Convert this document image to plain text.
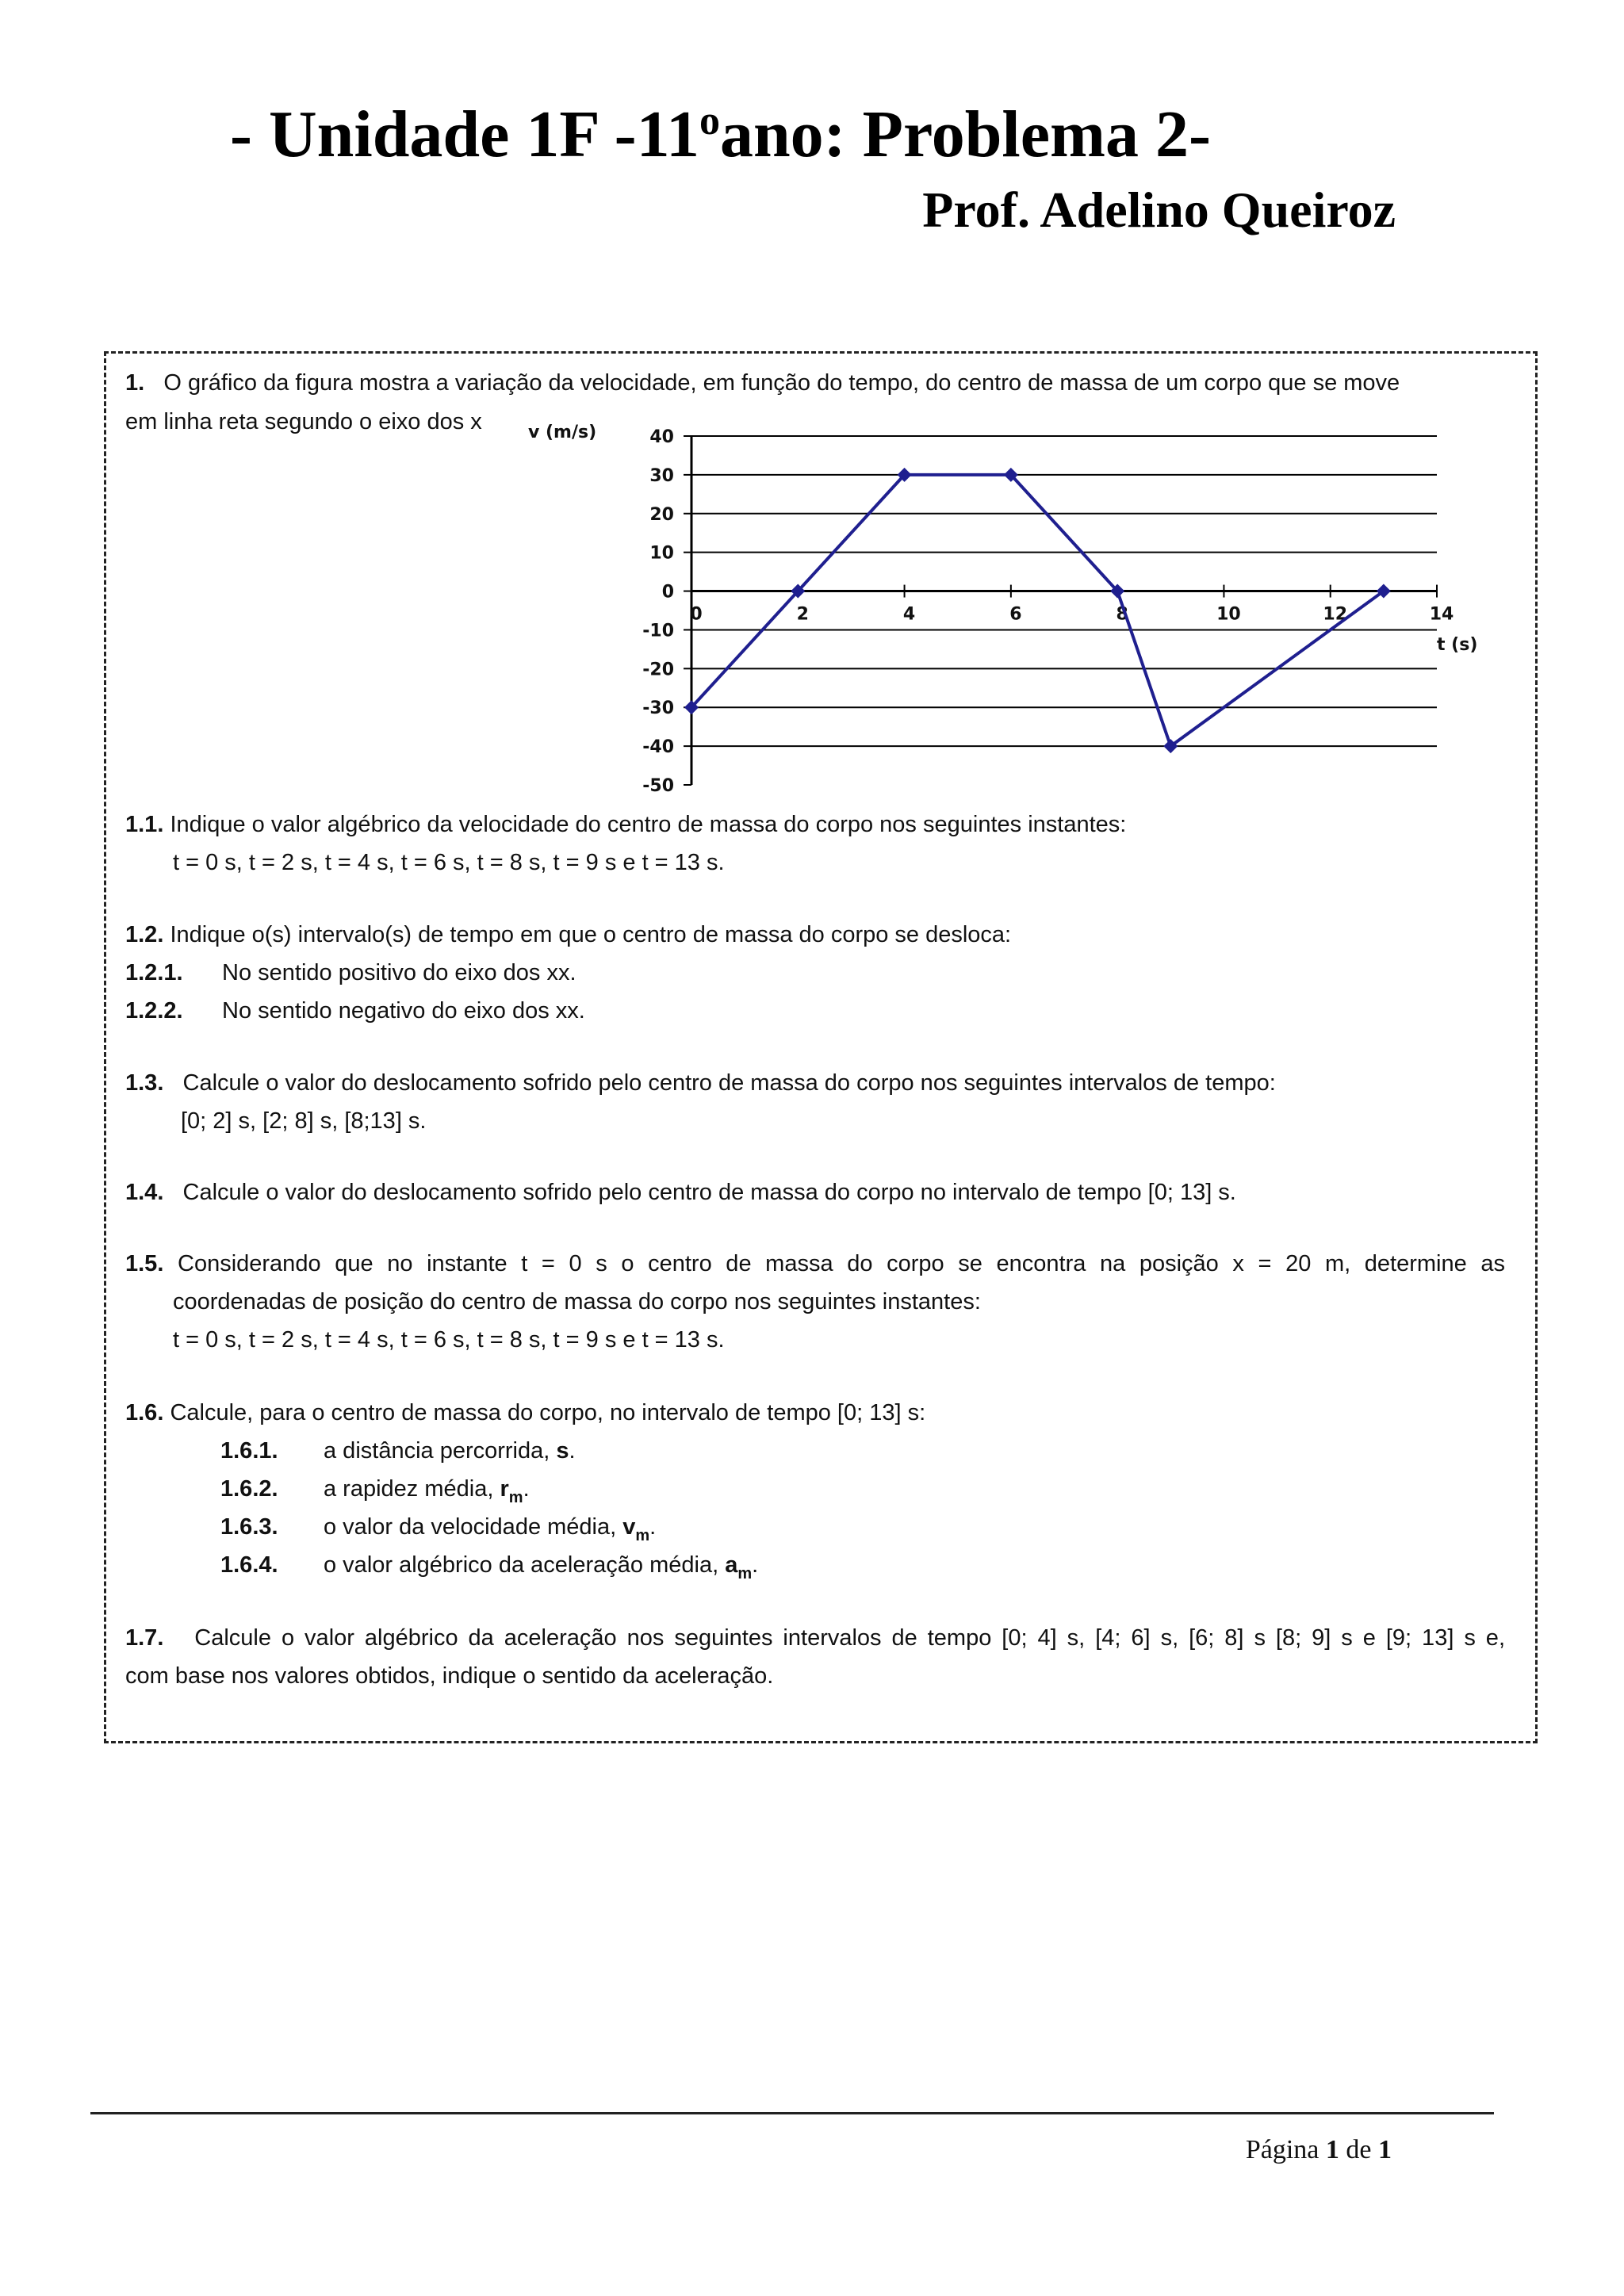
- Unidade 1F -11$^o$ano: Problema 2-
Prof. Adelino Queiroz
1. O gráfico da figura mostra a variação da velocidade, em função do tempo, do centro de massa de um corpo que se move
em linha reta segundo o eixo dos x
40
30
20
10
0
-10
-20
-30
-40
-50
0	2	4	6	8	10	12	14
v (m/s)
t (s)
1.1. Indique o valor algébrico da velocidade do centro de massa do corpo nos seguintes instantes:
t = 0 s, t = 2 s, t = 4 s, t = 6 s, t = 8 s, t = 9 s e t = 13 s.
1.2. Indique o(s) intervalo(s) de tempo em que o centro de massa do corpo se desloca:
1.2.1. No sentido positivo do eixo dos xx.
1.2.2. No sentido negativo do eixo dos xx.
1.3. Calcule o valor do deslocamento sofrido pelo centro de massa do corpo nos seguintes intervalos de tempo:
[0; 2] s, [2; 8] s, [8;13] s.
1.4. Calcule o valor do deslocamento sofrido pelo centro de massa do corpo no intervalo de tempo [0; 13] s.
1.5. Considerando que no instante t = 0 s o centro de massa do corpo se encontra na posição x = 20 m, determine as
coordenadas de posição do centro de massa do corpo nos seguintes instantes:
t = 0 s, t = 2 s, t = 4 s, t = 6 s, t = 8 s, t = 9 s e t = 13 s.
1.6. Calcule, para o centro de massa do corpo, no intervalo de tempo [0; 13] s:
1.6.1. a distância percorrida, s.
1.6.2. a rapidez média, $r_m$.
1.6.3. o valor da velocidade média, $v_m$.
1.6.4. o valor algébrico da aceleração média, $a_m$.
1.7. Calcule o valor algébrico da aceleração nos seguintes intervalos de tempo [0; 4] s, [4; 6] s, [6; 8] s [8; 9] s e [9; 13] s e,
com base nos valores obtidos, indique o sentido da aceleração.
Página 1 de 1
